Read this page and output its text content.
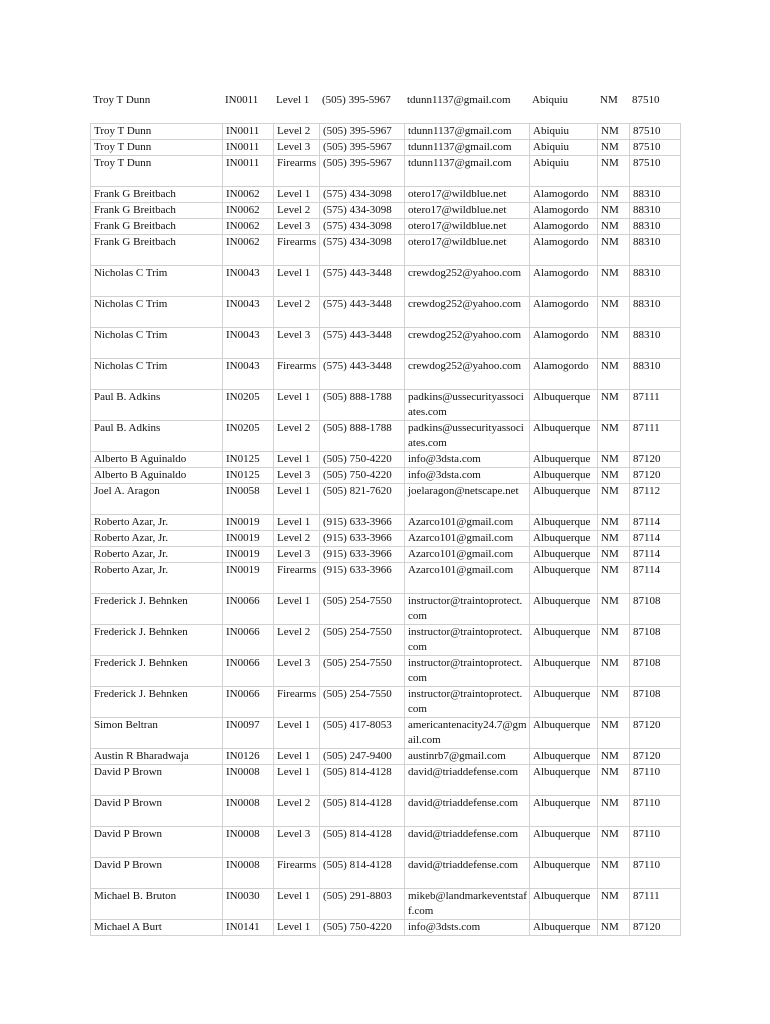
Troy T Dunn	IN0011	Level 1	(505) 395-5967	tdunn1137@gmail.com	Abiquiu	NM	87510
Troy T Dunn	IN0011	Level 2	(505) 395-5967	tdunn1137@gmail.com	Abiquiu	NM	87510
Troy T Dunn	IN0011	Level 3	(505) 395-5967	tdunn1137@gmail.com	Abiquiu	NM	87510
Troy T Dunn	IN0011	Firearms	(505) 395-5967	tdunn1137@gmail.com	Abiquiu	NM	87510
Frank G Breitbach	IN0062	Level 1	(575) 434-3098	otero17@wildblue.net	Alamogordo	NM	88310
Frank G Breitbach	IN0062	Level 2	(575) 434-3098	otero17@wildblue.net	Alamogordo	NM	88310
Frank G Breitbach	IN0062	Level 3	(575) 434-3098	otero17@wildblue.net	Alamogordo	NM	88310
Frank G Breitbach	IN0062	Firearms	(575) 434-3098	otero17@wildblue.net	Alamogordo	NM	88310
Nicholas C Trim	IN0043	Level 1	(575) 443-3448	crewdog252@yahoo.com	Alamogordo	NM	88310
Nicholas C Trim	IN0043	Level 2	(575) 443-3448	crewdog252@yahoo.com	Alamogordo	NM	88310
Nicholas C Trim	IN0043	Level 3	(575) 443-3448	crewdog252@yahoo.com	Alamogordo	NM	88310
Nicholas C Trim	IN0043	Firearms	(575) 443-3448	crewdog252@yahoo.com	Alamogordo	NM	88310
Paul B. Adkins	IN0205	Level 1	(505) 888-1788	padkins@ussecurityassociates.com	Albuquerque	NM	87111
Paul B. Adkins	IN0205	Level 2	(505) 888-1788	padkins@ussecurityassociates.com	Albuquerque	NM	87111
Alberto B Aguinaldo	IN0125	Level 1	(505) 750-4220	info@3dsta.com	Albuquerque	NM	87120
Alberto B Aguinaldo	IN0125	Level 3	(505) 750-4220	info@3dsta.com	Albuquerque	NM	87120
Joel A. Aragon	IN0058	Level 1	(505) 821-7620	joelaragon@netscape.net	Albuquerque	NM	87112
Roberto Azar, Jr.	IN0019	Level 1	(915) 633-3966	Azarco101@gmail.com	Albuquerque	NM	87114
Roberto Azar, Jr.	IN0019	Level 2	(915) 633-3966	Azarco101@gmail.com	Albuquerque	NM	87114
Roberto Azar, Jr.	IN0019	Level 3	(915) 633-3966	Azarco101@gmail.com	Albuquerque	NM	87114
Roberto Azar, Jr.	IN0019	Firearms	(915) 633-3966	Azarco101@gmail.com	Albuquerque	NM	87114
Frederick J. Behnken	IN0066	Level 1	(505) 254-7550	instructor@traintoprotect.com	Albuquerque	NM	87108
Frederick J. Behnken	IN0066	Level 2	(505) 254-7550	instructor@traintoprotect.com	Albuquerque	NM	87108
Frederick J. Behnken	IN0066	Level 3	(505) 254-7550	instructor@traintoprotect.com	Albuquerque	NM	87108
Frederick J. Behnken	IN0066	Firearms	(505) 254-7550	instructor@traintoprotect.com	Albuquerque	NM	87108
Simon Beltran	IN0097	Level 1	(505) 417-8053	americantenacity24.7@gmail.com	Albuquerque	NM	87120
Austin R Bharadwaja	IN0126	Level 1	(505) 247-9400	austinrb7@gmail.com	Albuquerque	NM	87120
David P Brown	IN0008	Level 1	(505) 814-4128	david@triaddefense.com	Albuquerque	NM	87110
David P Brown	IN0008	Level 2	(505) 814-4128	david@triaddefense.com	Albuquerque	NM	87110
David P Brown	IN0008	Level 3	(505) 814-4128	david@triaddefense.com	Albuquerque	NM	87110
David P Brown	IN0008	Firearms	(505) 814-4128	david@triaddefense.com	Albuquerque	NM	87110
Michael B. Bruton	IN0030	Level 1	(505) 291-8803	mikeb@landmarkeventstaff.com	Albuquerque	NM	87111
Michael A Burt	IN0141	Level 1	(505) 750-4220	info@3dsts.com	Albuquerque	NM	87120
